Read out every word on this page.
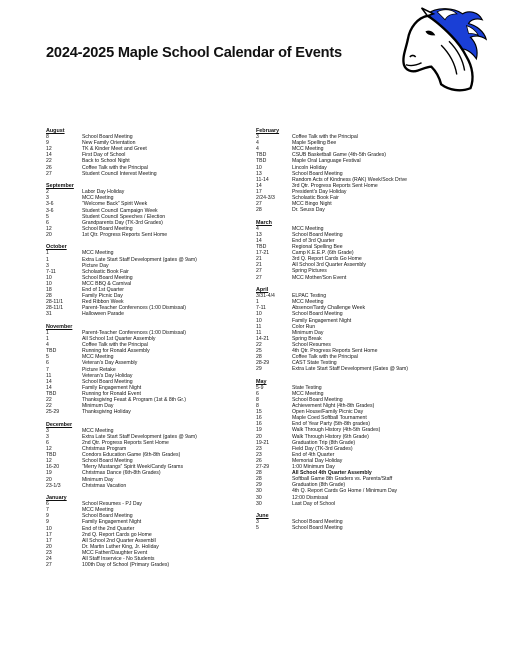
2024-2025 Maple School Calendar of Events
August
8	School Board Meeting
9	New Family Orientation
12	TK & Kinder Meet and Greet
14	First Day of School
22	Back to School Night
26	Coffee Talk with the Principal
27	Student Council Interest Meeting
September
2	Labor Day Holiday
3	MCC Meeting
3-6	“Welcome Back” Spirit Week
3-6	Student Council Campaign Week
5	Student Council Speeches / Election
6	Grandparents Day (TK-3rd Grades)
12	School Board Meeting
20	1st Qtr. Progress Reports Sent Home
October
1	MCC Meeting
1	Extra Late Start Staff Development (gates @ 9am)
3	Picture Day
7-11	Scholastic Book Fair
10	School Board Meeting
10	MCC BBQ & Carnival
18	End of 1st Quarter
28	Family Picnic Day
28-11/1	Red Ribbon Week
28-11/1	Parent-Teacher Conferences (1:00 Dismissal)
31	Halloween Parade
November
1	Parent-Teacher Conferences (1:00 Dismissal)
1	All School 1st Quarter Assembly
4	Coffee Talk with the Principal
TBD	Running for Ronald Assembly
5	MCC Meeting
6	Veteran's Day Assembly
7	Picture Retake
11	Veteran's Day Holiday
14	School Board Meeting
14	Family Engagement Night
TBD	Running for Ronald Event
22	Thanksgiving Feast & Program (1st & 8th Gr.)
22	Minimum Day
25-29	Thanksgiving Holiday
December
3	MCC Meeting
3	Extra Late Start Staff Development (gates @ 9am)
6	2nd Qtr. Progress Reports Sent Home
12	Christmas Program
TBD	Condors Education Game (6th-8th Grades)
12	School Board Meeting
16-20	“Merry Mustangs” Spirit Week/Candy Grams
19	Christmas Dance (6th-8th Grades)
20	Minimum Day
23-1/3	Christmas Vacation
January
6	School Resumes - PJ Day
7	MCC Meeting
9	School Board Meeting
9	Family Engagement Night
10	End of the 2nd Quarter
17	2nd Q. Report Cards go Home
17	All School 2nd Quarter Assembll
20	Dr. Martin Luther King, Jr. Holiday
23	MCC Father/Daughter Event
24	All Staff Inservice - No Students
27	100th Day of School (Primary Grades)
February
3	Coffee Talk with the Principal
4	Maple Spelling Bee
4	MCC Meeting
TBD	CSUB Basketball Game (4th-5th Grades)
TBD	Maple Oral Language Festival
10	Lincoln Holiday
13	School Board Meeting
11-14	Random Acts of Kindness (RAK) Week/Sock Drive
14	3rd Qtr. Progress Reports Sent Home
17	President's Day Holiday
2/24-3/3	Scholastic Book Fair
27	MCC Bingo Night
28	Dr. Seuss Day
March
4	MCC Meeting
13	School Board Meeting
14	End of 3rd Quarter
TBD	Regional Spelling Bee
17-21	Camp K.E.E.P. (6th Grade)
21	3rd Q. Report Cards Go Home
21	All School 3rd Quarter Assembly
27	Spring Pictures
27	MCC Mother/Son Event
April
3/31-4/4	ELPAC Testing
1	MCC Meeting
7-11	Absence/Tardy Challenge Week
10	School Board Meeting
10	Family Engagement Night
11	Color Run
11	Minimum Day
14-21	Spring Break
22	School Resumes
25	4th Qtr. Progress Reports Sent Home
28	Coffee Talk with the Principal
28-29	CAST State Testing
29	Extra Late Start Staff Development (Gates @ 9am)
May
5-9	State Testing
6	MCC Meeting
8	School Board Meeting
8	Achievement Night (4th-8th Grades)
15	Open House/Family Picnic Day
16	Maple Coed Softball Tournament
16	End of Year Party (5th-8th grades)
19	Walk Through History (4th-5th Grades)
20	Walk Through History (6th Grade)
19-21	Graduation Trip (8th Grade)
23	Field Day (TK-3rd Grades)
23	End of 4th Quarter
26	Memorial Day Holiday
27-29	1:00 Minimum Day
28	All School 4th Quarter Assembly
28	Softball Game 8th Graders vs. Parents/Staff
29	Graduation (8th Grade)
30	4th Q. Report Cards Go Home / Minimum Day
30	12:00 Dismissal
30	Last Day of School
June
3	School Board Meeting
5	School Board Meeting
